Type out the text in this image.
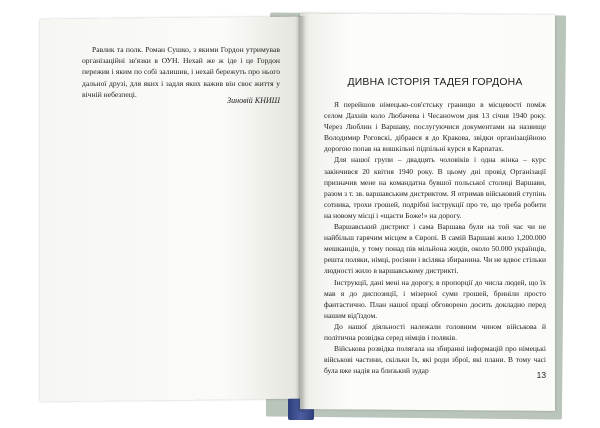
Равлик та полк. Роман Сушко, з якими Гордон утримував організаційні зв'язки в ОУН. Нехай же ж іде і це Гордон пережив і яким по собі залишив, і нехай бережуть про нього дальної друзі, для яких і задля яких важив він своє життя у вічній небезпеці.

Зиновій КНИШ
ДИВНА ІСТОРІЯ ТАДЕЯ ГОРДОНА

Я перейшов німецько-сов'єтську границю в місцевості поміж селом Дахнів коло Любачева і Чесанowом дня 13 січня 1940 року. Через Люблин і Варшаву, послугуючися документами на назвище Володимир Роговскі, дібрався я до Кракова, звідки організаційною дорогою попав на вишкільні підпільні курси в Карпатах.

Для нашої групи – двадцять чоловіків і одна жінка – курс закінчився 20 квітня 1940 року. В цьому дні провід Організації призначив мене на командатна бувшої польської столиці Варшави, разом з т. зв. варшавським дистриктом. Я отримав військовий ступінь сотника, трохи грошей, подрібні інструкції про те, що треба робити на новому місці і «щасти Боже!» на дорогу.

Варшавський дистрикт і сама Варшава були на той час чи не найбільш гарячим місцем в Європі. В самій Варшаві жило 1,200.000 мешканців, у тому понад пів мільйона жидів, около 50.000 українців, решта поляки, німці, росіяни і всіляка збиранина. Чи не вдвоє стільки людності жило в варшавському дистрикті.

Інструкції, дані мені на дорогу, в пропорції до числа людей, що їх мав я до диспозиції, і мізерної суми грошей, бриніли просто фантастично. План нашої праці обговорено досить докладно перед нашим від'їздом.

До нашої діяльності належали головним чином військова й політична розвідка серед німців і поляків.

Військова розвідка полягала на збиранні інформацій про німецькі військові частини, скільки їх, які роди зброї, які плани. В тому часі була вже надія на близький зудар	13
